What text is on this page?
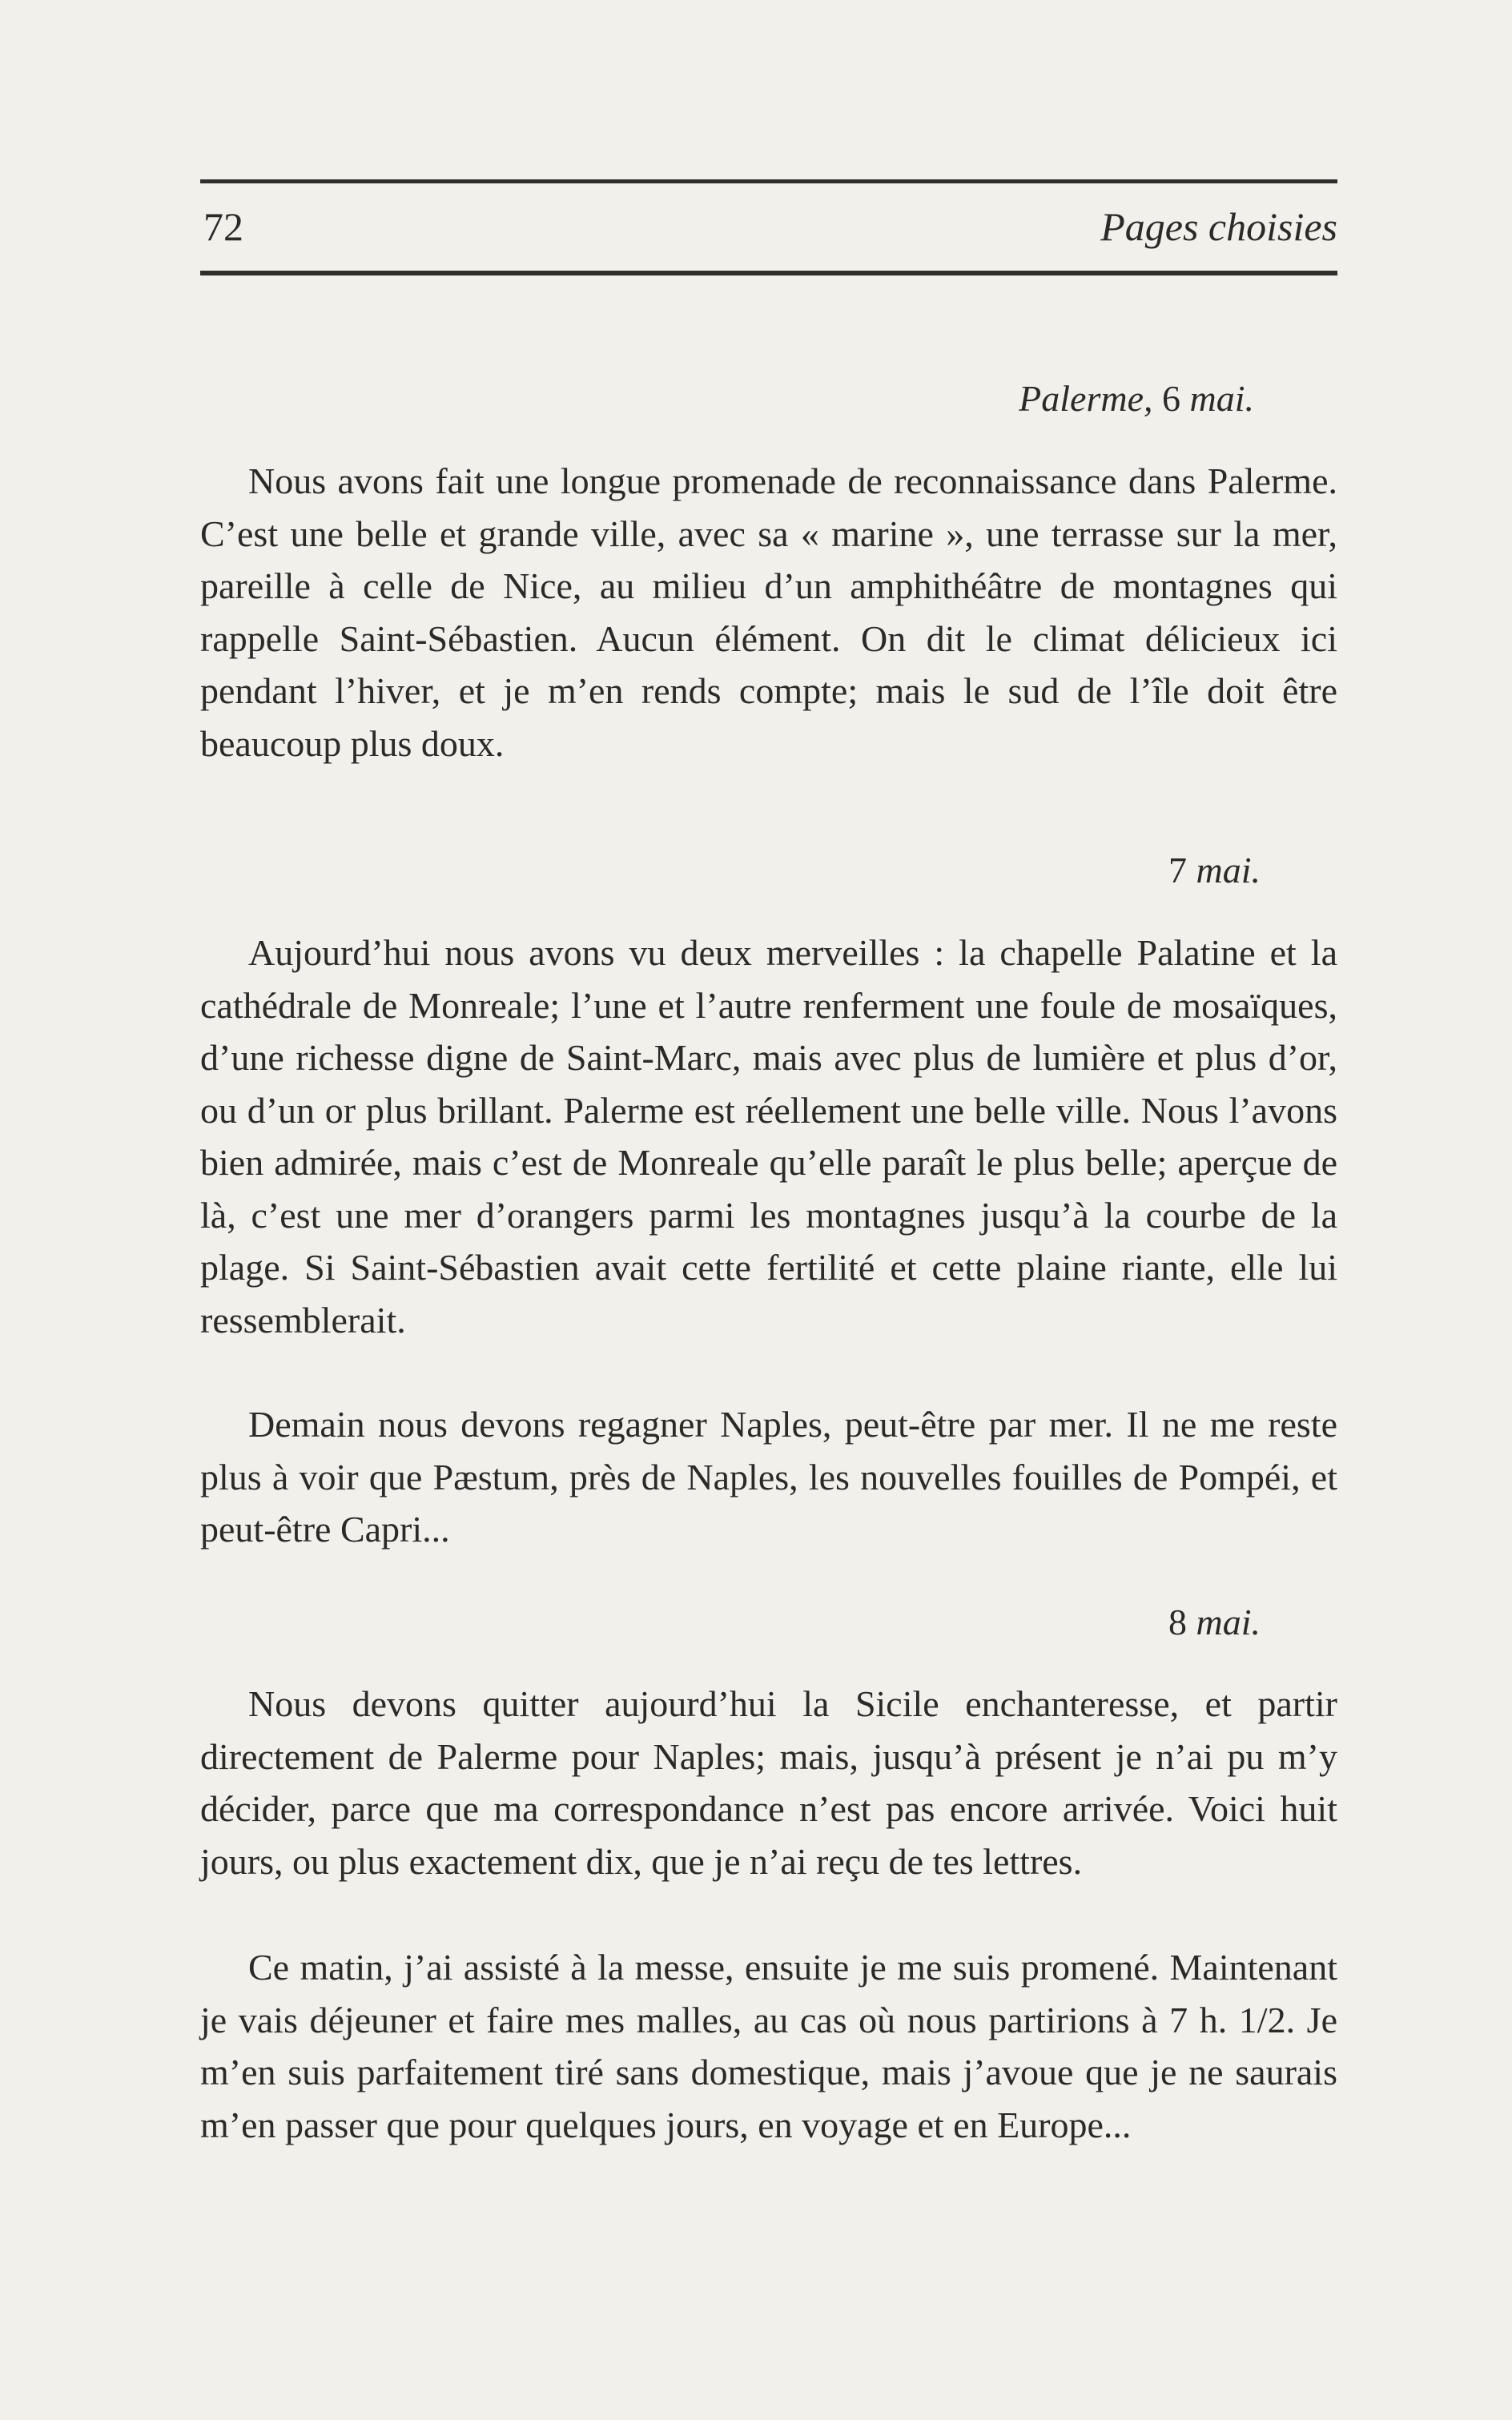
72	Pages choisies
Palerme, 6 mai.

Nous avons fait une longue promenade de reconnaissance dans Palerme. C’est une belle et grande ville, avec sa « marine », une terrasse sur la mer, pareille à celle de Nice, au milieu d’un amphithéâtre de montagnes qui rappelle Saint-Sébastien. Aucun élément. On dit le climat délicieux ici pendant l’hiver, et je m’en rends compte; mais le sud de l’île doit être beaucoup plus doux.

7 mai.

Aujourd’hui nous avons vu deux merveilles : la chapelle Palatine et la cathédrale de Monreale; l’une et l’autre renferment une foule de mosaïques, d’une richesse digne de Saint-Marc, mais avec plus de lumière et plus d’or, ou d’un or plus brillant. Palerme est réellement une belle ville. Nous l’avons bien admirée, mais c’est de Monreale qu’elle paraît le plus belle; aperçue de là, c’est une mer d’orangers parmi les montagnes jusqu’à la courbe de la plage. Si Saint-Sébastien avait cette fertilité et cette plaine riante, elle lui ressemblerait.

Demain nous devons regagner Naples, peut-être par mer. Il ne me reste plus à voir que Pæstum, près de Naples, les nouvelles fouilles de Pompéi, et peut-être Capri...

8 mai.

Nous devons quitter aujourd’hui la Sicile enchanteresse, et partir directement de Palerme pour Naples; mais, jusqu’à présent je n’ai pu m’y décider, parce que ma correspondance n’est pas encore arrivée. Voici huit jours, ou plus exactement dix, que je n’ai reçu de tes lettres.

Ce matin, j’ai assisté à la messe, ensuite je me suis promené. Maintenant je vais déjeuner et faire mes malles, au cas où nous partirions à 7 h. 1/2. Je m’en suis parfaitement tiré sans domestique, mais j’avoue que je ne saurais m’en passer que pour quelques jours, en voyage et en Europe...
